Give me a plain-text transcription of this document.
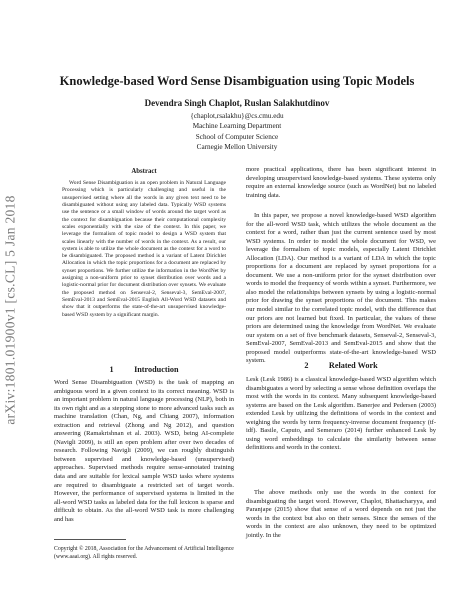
arXiv:1801.01900v1 [cs.CL] 5 Jan 2018
Knowledge-based Word Sense Disambiguation using Topic Models
Devendra Singh Chaplot, Ruslan Salakhutdinov
{chaplot,rsalakhu}@cs.cmu.edu
Machine Learning Department
School of Computer Science
Carnegie Mellon University
Abstract
Word Sense Disambiguation is an open problem in Natural Language Processing which is particularly challenging and useful in the unsupervised setting where all the words in any given text need to be disambiguated without using any labeled data. Typically WSD systems use the sentence or a small window of words around the target word as the context for disambiguation because their computational complexity scales exponentially with the size of the context. In this paper, we leverage the formalism of topic model to design a WSD system that scales linearly with the number of words in the context. As a result, our system is able to utilize the whole document as the context for a word to be disambiguated. The proposed method is a variant of Latent Dirichlet Allocation in which the topic proportions for a document are replaced by synset proportions. We further utilize the information in the WordNet by assigning a non-uniform prior to synset distribution over words and a logistic-normal prior for document distribution over synsets. We evaluate the proposed method on Senseval-2, Senseval-3, SemEval-2007, SemEval-2013 and SemEval-2015 English All-Word WSD datasets and show that it outperforms the state-of-the-art unsupervised knowledge-based WSD system by a significant margin.
1          Introduction
Word Sense Disambiguation (WSD) is the task of mapping an ambiguous word in a given context to its correct meaning. WSD is an important problem in natural language processing (NLP), both in its own right and as a stepping stone to more advanced tasks such as machine translation (Chan, Ng, and Chiang 2007), information extraction and retrieval (Zhong and Ng 2012), and question answering (Ramakrishnan et al. 2003). WSD, being AI-complete (Navigli 2009), is still an open problem after over two decades of research. Following Navigli (2009), we can roughly distinguish between supervised and knowledge-based (unsupervised) approaches. Supervised methods require sense-annotated training data and are suitable for lexical sample WSD tasks where systems are required to disambiguate a restricted set of target words. However, the performance of supervised systems is limited in the all-word WSD tasks as labeled data for the full lexicon is sparse and difficult to obtain. As the all-word WSD task is more challenging and has
more practical applications, there has been significant interest in developing unsupervised knowledge-based systems. These systems only require an external knowledge source (such as WordNet) but no labeled training data.
In this paper, we propose a novel knowledge-based WSD algorithm for the all-word WSD task, which utilizes the whole document as the context for a word, rather than just the current sentence used by most WSD systems. In order to model the whole document for WSD, we leverage the formalism of topic models, especially Latent Dirichlet Allocation (LDA). Our method is a variant of LDA in which the topic proportions for a document are replaced by synset proportions for a document. We use a non-uniform prior for the synset distribution over words to model the frequency of words within a synset. Furthermore, we also model the relationships between synsets by using a logistic-normal prior for drawing the synset proportions of the document. This makes our model similar to the correlated topic model, with the difference that our priors are not learned but fixed. In particular, the values of these priors are determined using the knowledge from WordNet. We evaluate our system on a set of five benchmark datasets, Senseval-2, Senseval-3, SemEval-2007, SemEval-2013 and SemEval-2015 and show that the proposed model outperforms state-of-the-art knowledge-based WSD system.
2          Related Work
Lesk (Lesk 1986) is a classical knowledge-based WSD algorithm which disambiguates a word by selecting a sense whose definition overlaps the most with the words in its context. Many subsequent knowledge-based systems are based on the Lesk algorithm. Banerjee and Pedersen (2003) extended Lesk by utilizing the definitions of words in the context and weighing the words by term frequency-inverse document frequency (tf-idf). Basile, Caputo, and Semeraro (2014) further enhanced Lesk by using word embeddings to calculate the similarity between sense definitions and words in the context.
The above methods only use the words in the context for disambiguating the target word. However, Chaplot, Bhattacharyya, and Paranjape (2015) show that sense of a word depends on not just the words in the context but also on their senses. Since the senses of the words in the context are also unknown, they need to be optimized jointly. In the
Copyright © 2018, Association for the Advancement of Artificial Intelligence (www.aaai.org). All rights reserved.
